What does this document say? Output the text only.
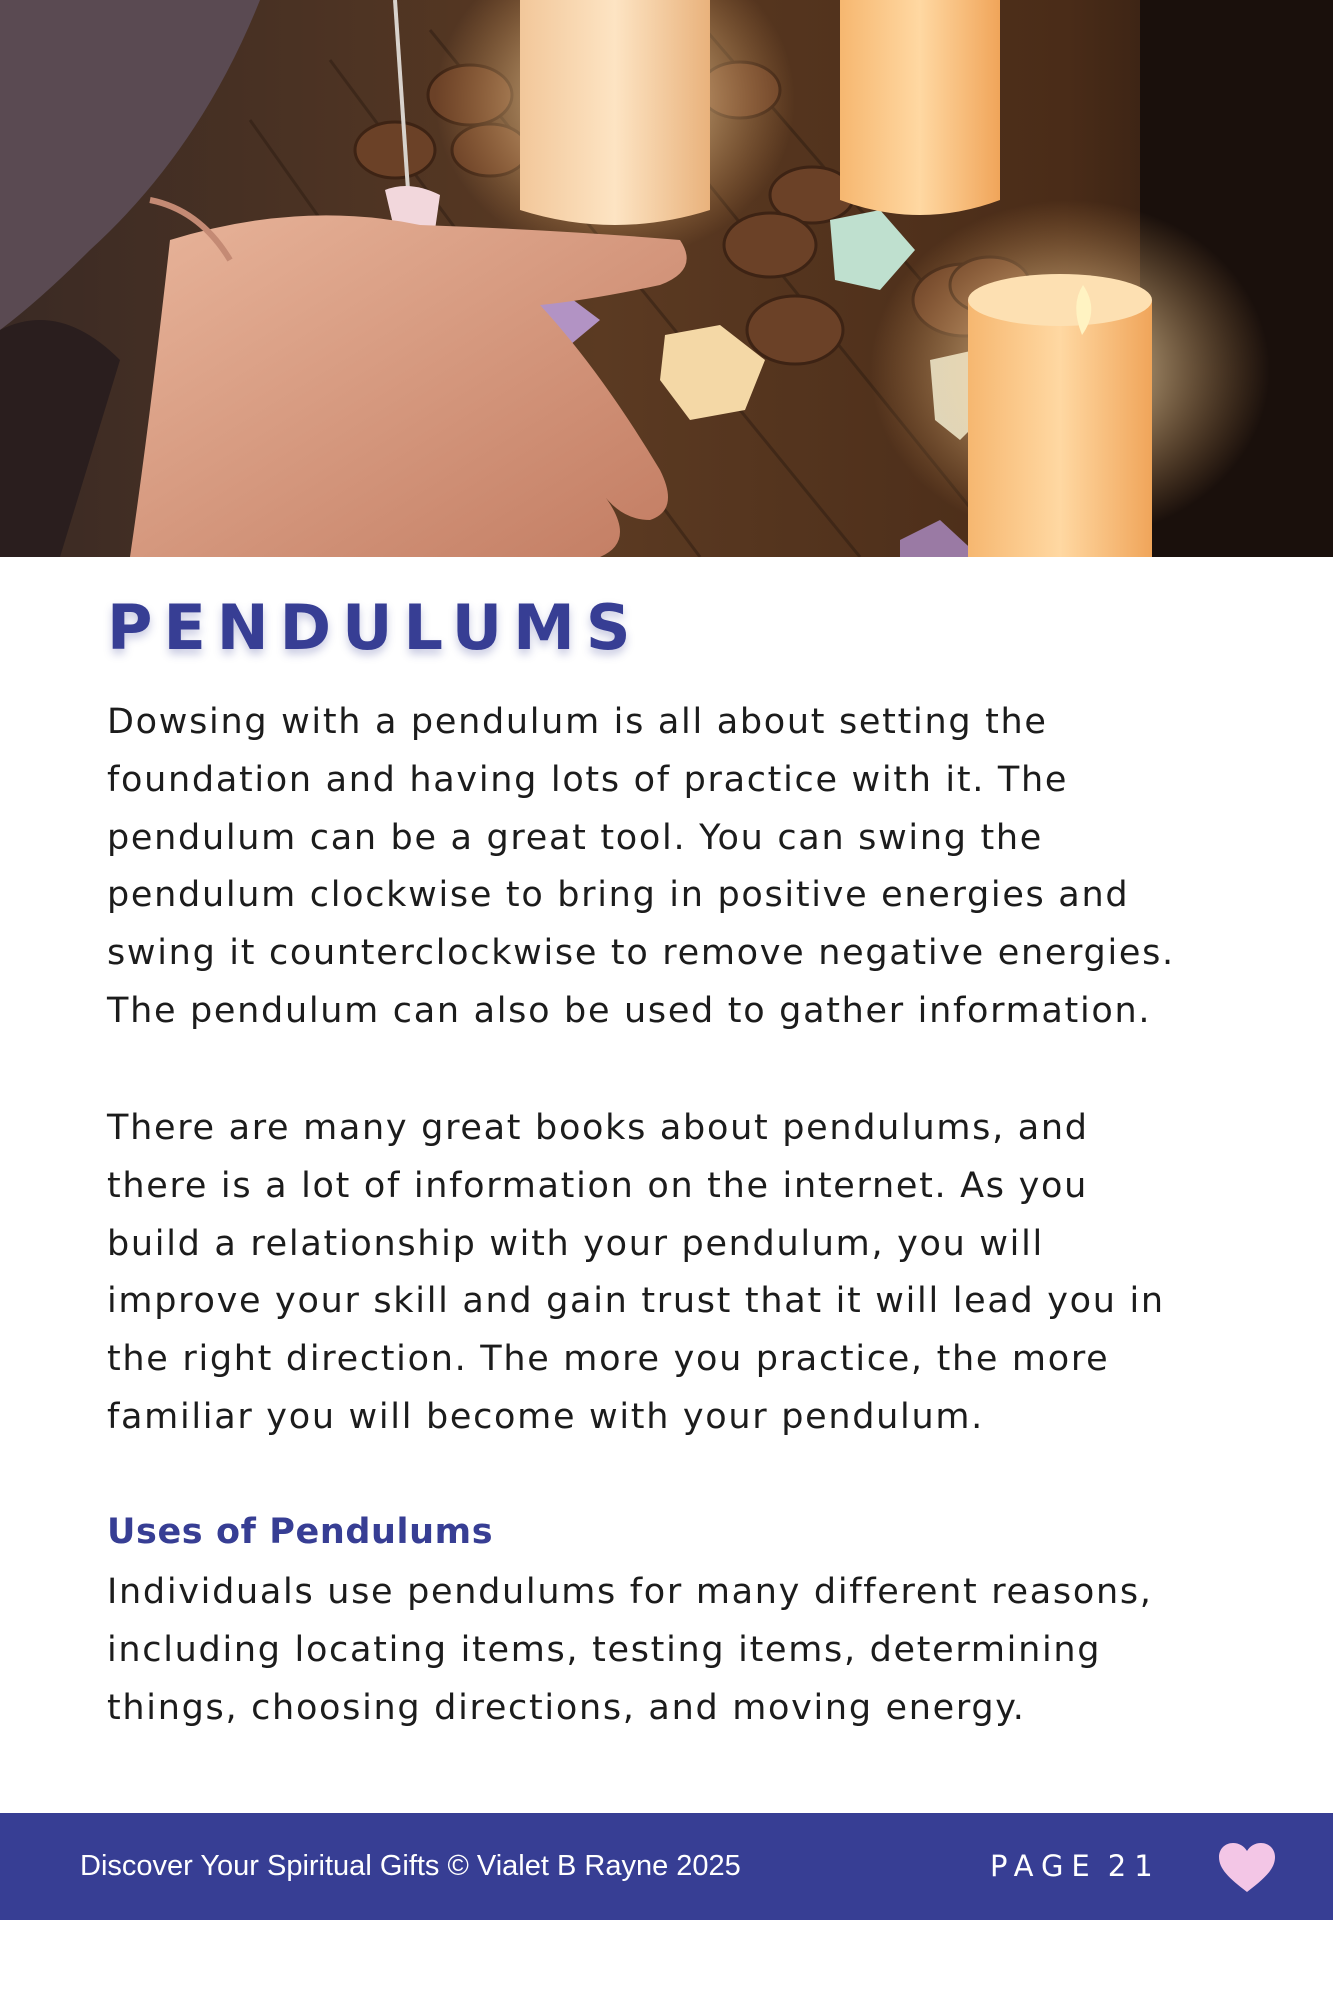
PENDULUMS

Dowsing with a pendulum is all about setting the
foundation and having lots of practice with it. The
pendulum can be a great tool. You can swing the
pendulum clockwise to bring in positive energies and
swing it counterclockwise to remove negative energies.
The pendulum can also be used to gather information.

There are many great books about pendulums, and
there is a lot of information on the internet. As you
build a relationship with your pendulum, you will
improve your skill and gain trust that it will lead you in
the right direction. The more you practice, the more
familiar you will become with your pendulum.

Uses of Pendulums

Individuals use pendulums for many different reasons,
including locating items, testing items, determining
things, choosing directions, and moving energy.

Discover Your Spiritual Gifts © Vialet B Rayne 2025	PAGE 21
